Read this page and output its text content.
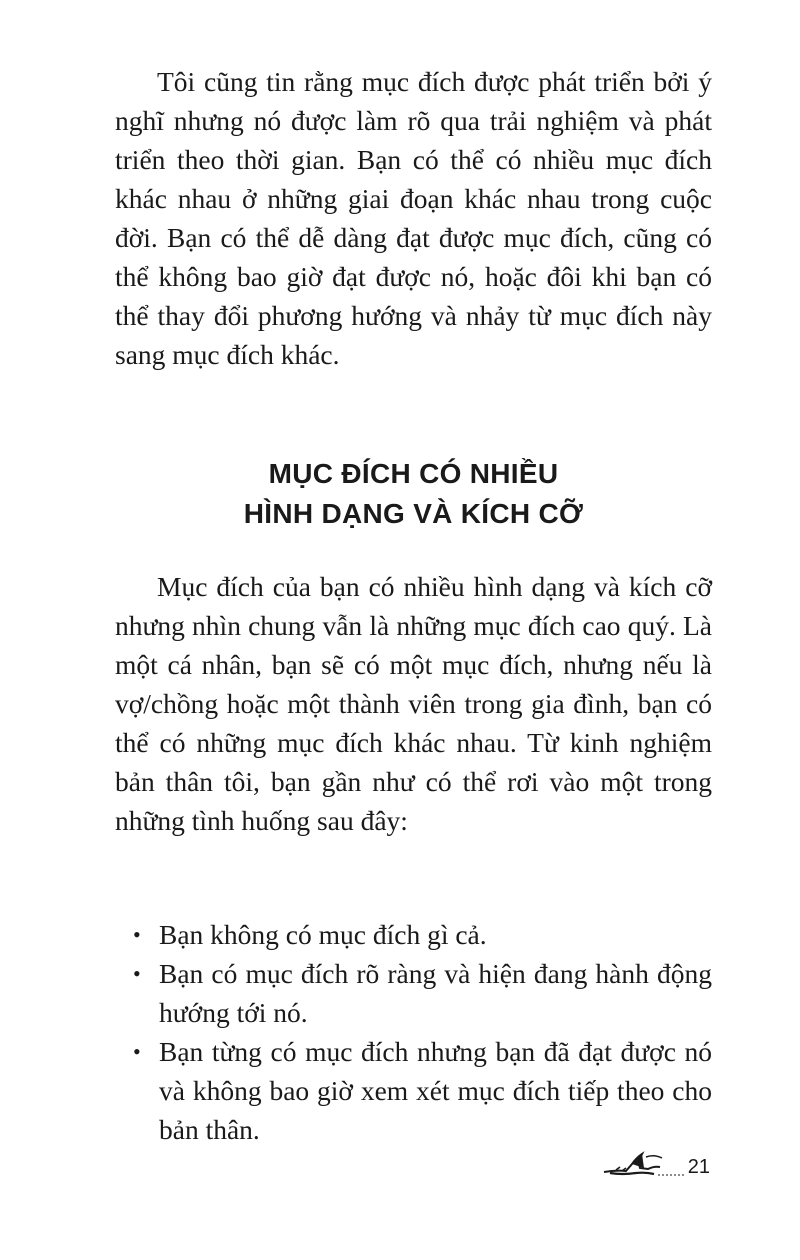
Tôi cũng tin rằng mục đích được phát triển bởi ý nghĩ nhưng nó được làm rõ qua trải nghiệm và phát triển theo thời gian. Bạn có thể có nhiều mục đích khác nhau ở những giai đoạn khác nhau trong cuộc đời. Bạn có thể dễ dàng đạt được mục đích, cũng có thể không bao giờ đạt được nó, hoặc đôi khi bạn có thể thay đổi phương hướng và nhảy từ mục đích này sang mục đích khác.

MỤC ĐÍCH CÓ NHIỀU
HÌNH DẠNG VÀ KÍCH CỠ

Mục đích của bạn có nhiều hình dạng và kích cỡ nhưng nhìn chung vẫn là những mục đích cao quý. Là một cá nhân, bạn sẽ có một mục đích, nhưng nếu là vợ/chồng hoặc một thành viên trong gia đình, bạn có thể có những mục đích khác nhau. Từ kinh nghiệm bản thân tôi, bạn gần như có thể rơi vào một trong những tình huống sau đây:

• Bạn không có mục đích gì cả.
• Bạn có mục đích rõ ràng và hiện đang hành động hướng tới nó.
• Bạn từng có mục đích nhưng bạn đã đạt được nó và không bao giờ xem xét mục đích tiếp theo cho bản thân.
21
